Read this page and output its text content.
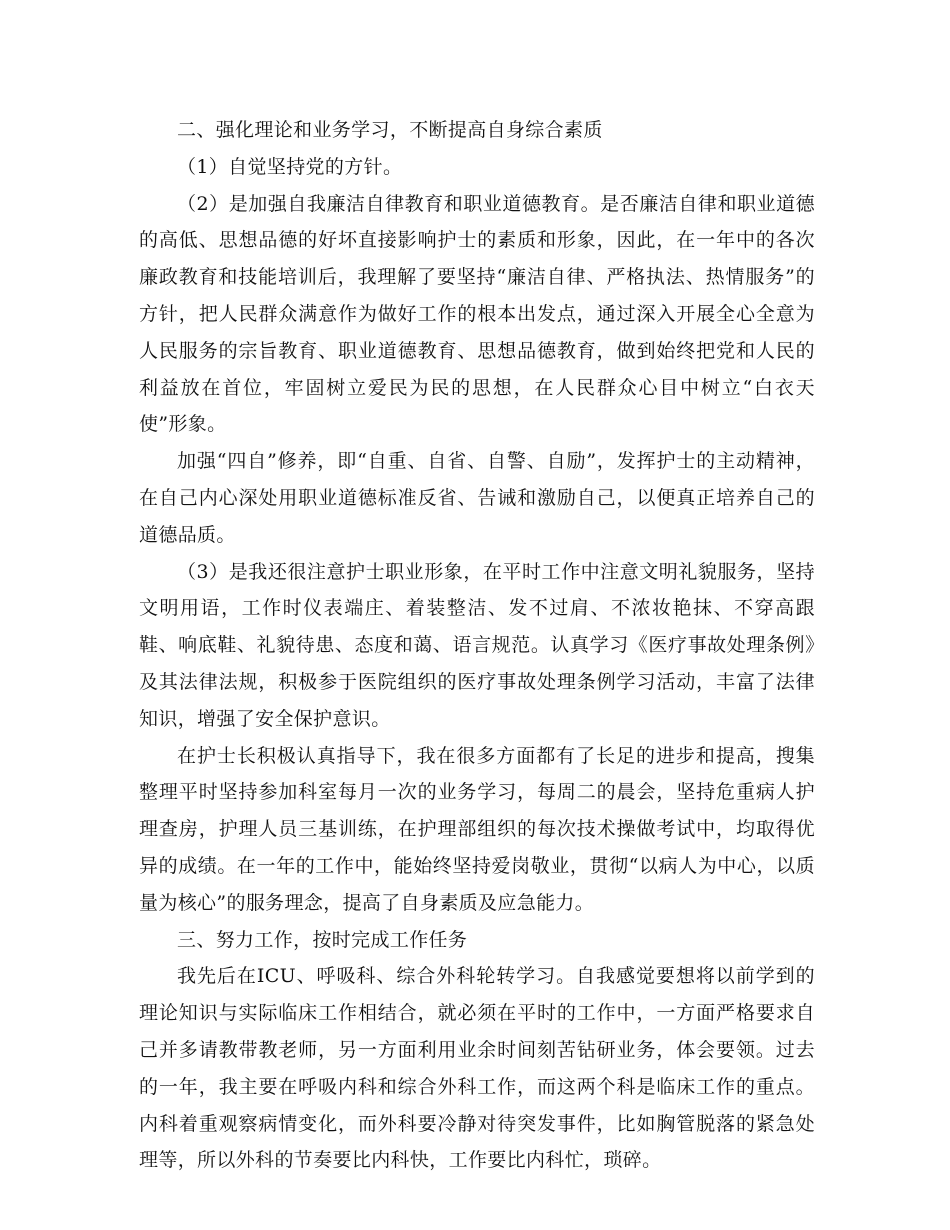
二、强化理论和业务学习，不断提高自身综合素质

（1）自觉坚持党的方针。

（2）是加强自我廉洁自律教育和职业道德教育。是否廉洁自律和职业道德的高低、思想品德的好坏直接影响护士的素质和形象，因此，在一年中的各次廉政教育和技能培训后，我理解了要坚持“廉洁自律、严格执法、热情服务”的方针，把人民群众满意作为做好工作的根本出发点，通过深入开展全心全意为人民服务的宗旨教育、职业道德教育、思想品德教育，做到始终把党和人民的利益放在首位，牢固树立爱民为民的思想，在人民群众心目中树立“白衣天使”形象。

加强“四自”修养，即“自重、自省、自警、自励”，发挥护士的主动精神，在自己内心深处用职业道德标准反省、告诫和激励自己，以便真正培养自己的道德品质。

（3）是我还很注意护士职业形象，在平时工作中注意文明礼貌服务，坚持文明用语，工作时仪表端庄、着装整洁、发不过肩、不浓妆艳抹、不穿高跟鞋、响底鞋、礼貌待患、态度和蔼、语言规范。认真学习《医疗事故处理条例》及其法律法规，积极参于医院组织的医疗事故处理条例学习活动，丰富了法律知识，增强了安全保护意识。

在护士长积极认真指导下，我在很多方面都有了长足的进步和提高，搜集整理平时坚持参加科室每月一次的业务学习，每周二的晨会，坚持危重病人护理查房，护理人员三基训练，在护理部组织的每次技术操做考试中，均取得优异的成绩。在一年的工作中，能始终坚持爱岗敬业，贯彻“以病人为中心，以质量为核心”的服务理念，提高了自身素质及应急能力。

三、努力工作，按时完成工作任务

我先后在ICU、呼吸科、综合外科轮转学习。自我感觉要想将以前学到的理论知识与实际临床工作相结合，就必须在平时的工作中，一方面严格要求自己并多请教带教老师，另一方面利用业余时间刻苦钻研业务，体会要领。过去的一年，我主要在呼吸内科和综合外科工作，而这两个科是临床工作的重点。内科着重观察病情变化，而外科要冷静对待突发事件，比如胸管脱落的紧急处理等，所以外科的节奏要比内科快，工作要比内科忙，琐碎。
